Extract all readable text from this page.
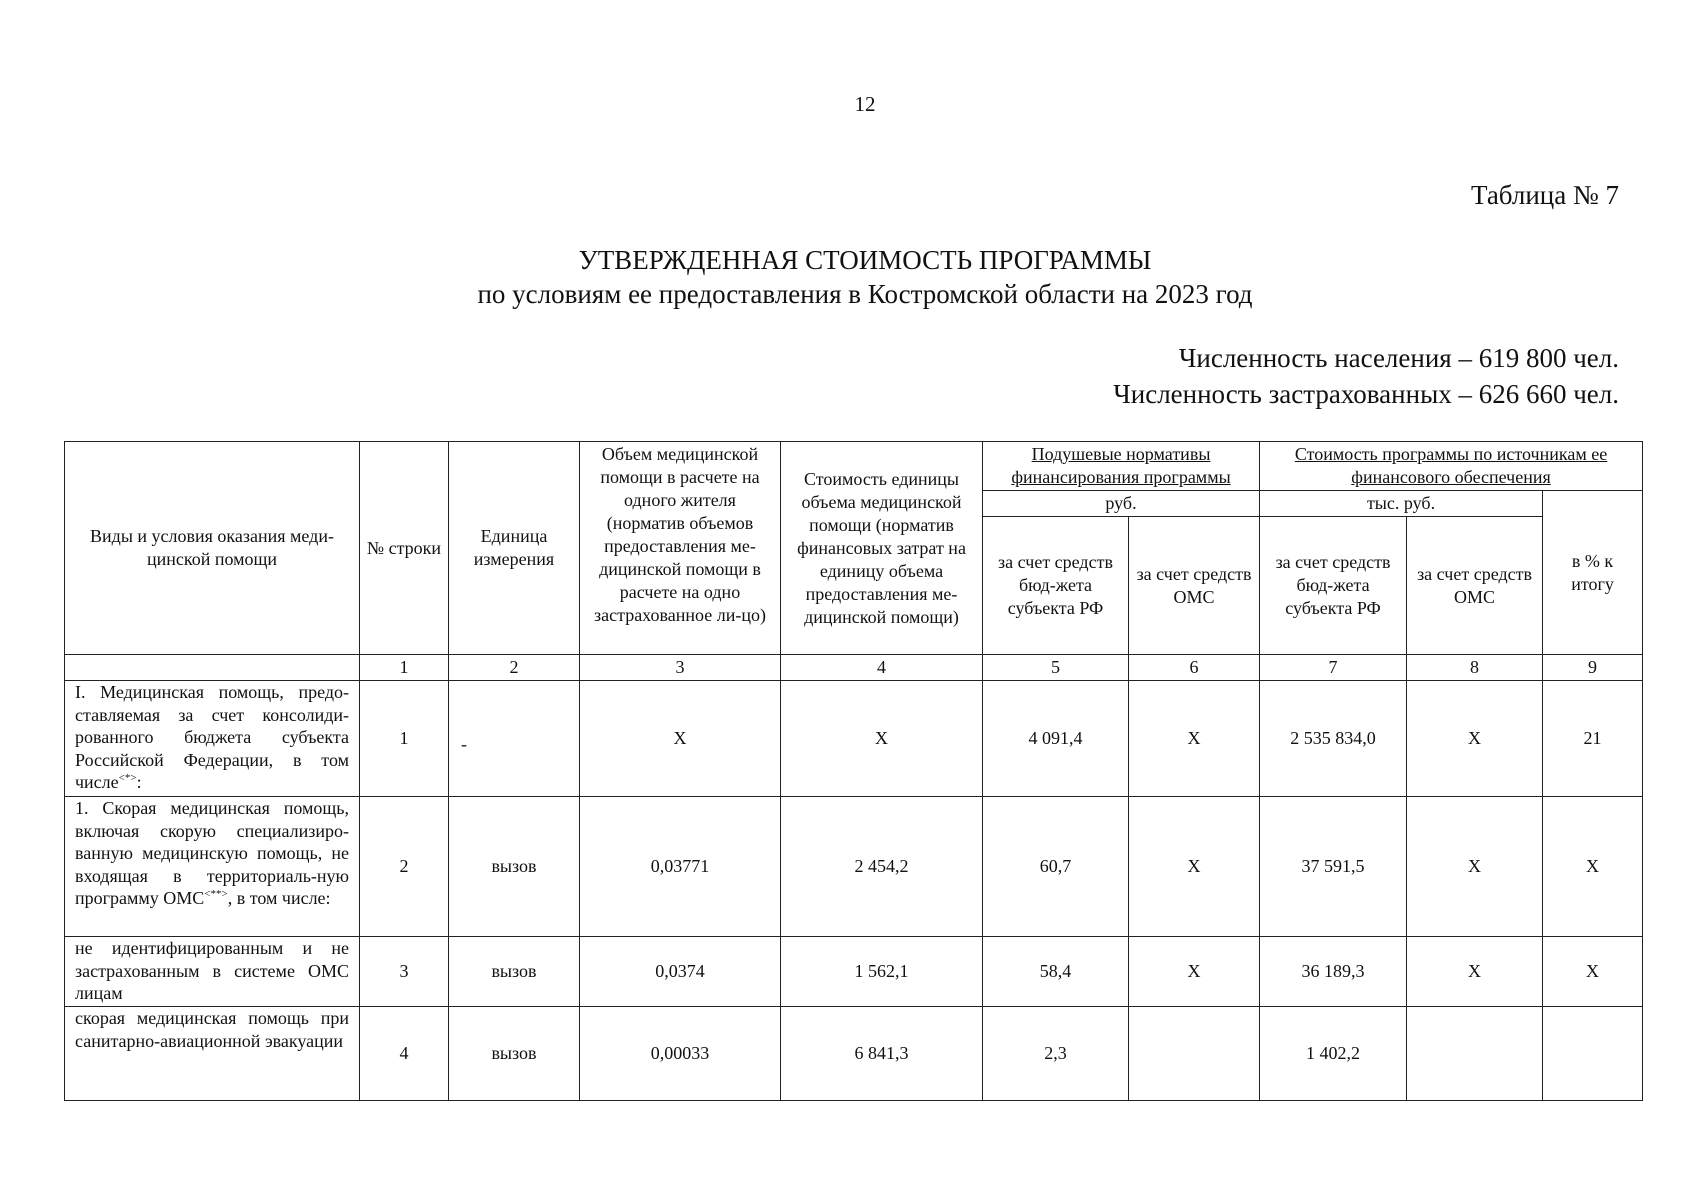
12
Таблица № 7
УТВЕРЖДЕННАЯ СТОИМОСТЬ ПРОГРАММЫ
по условиям ее предоставления в Костромской области на 2023 год
Численность населения – 619 800 чел.
Численность застрахованных – 626 660 чел.
Виды и условия оказания меди-цинской помощи	№ строки	Единица измерения	Объем медицинской помощи в расчете на одного жителя (норматив объемов предоставления ме-дицинской помощи в расчете на одно застрахованное ли-цо)	Стоимость единицы объема медицинской помощи (норматив финансовых затрат на единицу объема предоставления ме-дицинской помощи)	Подушевые нормативы финансирования программы		Стоимость программы по источникам ее финансового обеспечения		
					руб.		тыс. руб.		в % к итогу
					за счет средств бюд-жета субъекта РФ	за счет средств ОМС	за счет средств бюд-жета субъекта РФ	за счет средств ОМС	
	1	2	3	4	5	6	7	8	9
I. Медицинская помощь, предо-ставляемая за счет консолиди-рованного бюджета субъекта Российской Федерации, в том числе<*>:	1	-	X	X	4 091,4	X	2 535 834,0	X	21
1. Скорая медицинская помощь, включая скорую специализиро-ванную медицинскую помощь, не входящая в территориаль-ную программу ОМС<**>, в том числе:	2	вызов	0,03771	2 454,2	60,7	X	37 591,5	X	X
не идентифицированным и не застрахованным в системе ОМС лицам	3	вызов	0,0374	1 562,1	58,4	X	36 189,3	X	X
скорая медицинская помощь при санитарно-авиационной эвакуации	4	вызов	0,00033	6 841,3	2,3		1 402,2		
